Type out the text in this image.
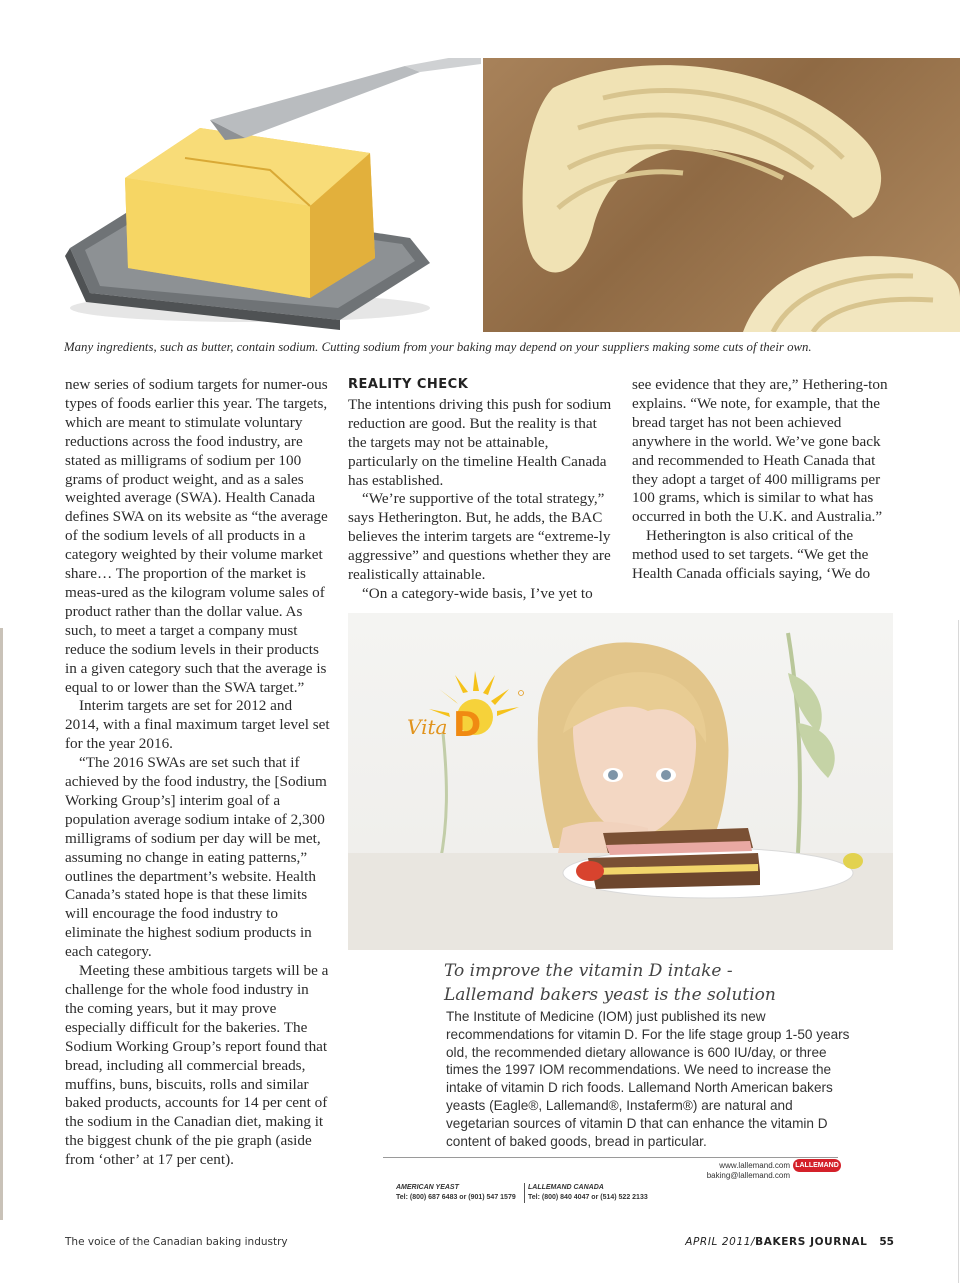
Many ingredients, such as butter, contain sodium. Cutting sodium from your baking may depend on your suppliers making some cuts of their own.

new series of sodium targets for numer-ous types of foods earlier this year. The targets, which are meant to stimulate voluntary reductions across the food industry, are stated as milligrams of sodium per 100 grams of product weight, and as a sales weighted average (SWA). Health Canada defines SWA on its website as “the average of the sodium levels of all products in a category weighted by their volume market share… The proportion of the market is meas-ured as the kilogram volume sales of product rather than the dollar value. As such, to meet a target a company must reduce the sodium levels in their products in a given category such that the average is equal to or lower than the SWA target.”

Interim targets are set for 2012 and 2014, with a final maximum target level set for the year 2016.

“The 2016 SWAs are set such that if achieved by the food industry, the [Sodium Working Group’s] interim goal of a population average sodium intake of 2,300 milligrams of sodium per day will be met, assuming no change in eating patterns,” outlines the department’s website. Health Canada’s stated hope is that these limits will encourage the food industry to eliminate the highest sodium products in each category.

Meeting these ambitious targets will be a challenge for the whole food industry in the coming years, but it may prove especially difficult for the bakeries. The Sodium Working Group’s report found that bread, including all commercial breads, muffins, buns, biscuits, rolls and similar baked products, accounts for 14 per cent of the sodium in the Canadian diet, making it the biggest chunk of the pie graph (aside from ‘other’ at 17 per cent).

REALITY CHECK

The intentions driving this push for sodium reduction are good. But the reality is that the targets may not be attainable, particularly on the timeline Health Canada has established.

“We’re supportive of the total strategy,” says Hetherington. But, he adds, the BAC believes the interim targets are “extreme-ly aggressive” and questions whether they are realistically attainable.

“On a category-wide basis, I’ve yet to

see evidence that they are,” Hethering-ton explains. “We note, for example, that the bread target has not been achieved anywhere in the world. We’ve gone back and recommended to Heath Canada that they adopt a target of 400 milligrams per 100 grams, which is similar to what has occurred in both the U.K. and Australia.”

Hetherington is also critical of the method used to set targets. “We get the Health Canada officials saying, ‘We do

Vita D
To improve the vitamin D intake -
Lallemand bakers yeast is the solution
The Institute of Medicine (IOM) just published its new recommendations for vitamin D. For the life stage group 1-50 years old, the recommended dietary allowance is 600 IU/day, or three times the 1997 IOM recommendations. We need to increase the intake of vitamin D rich foods. Lallemand North American bakers yeasts (Eagle®, Lallemand®, Instaferm®) are natural and vegetarian sources of vitamin D that can enhance the vitamin D content of baked goods, bread in particular.
www.lallemand.com
baking@lallemand.com
LALLEMAND
AMERICAN YEAST
Tel: (800) 687 6483 or (901) 547 1579
LALLEMAND CANADA
Tel: (800) 840 4047 or (514) 522 2133
The voice of the Canadian baking industry	APRIL 2011/BAKERS JOURNAL 55
